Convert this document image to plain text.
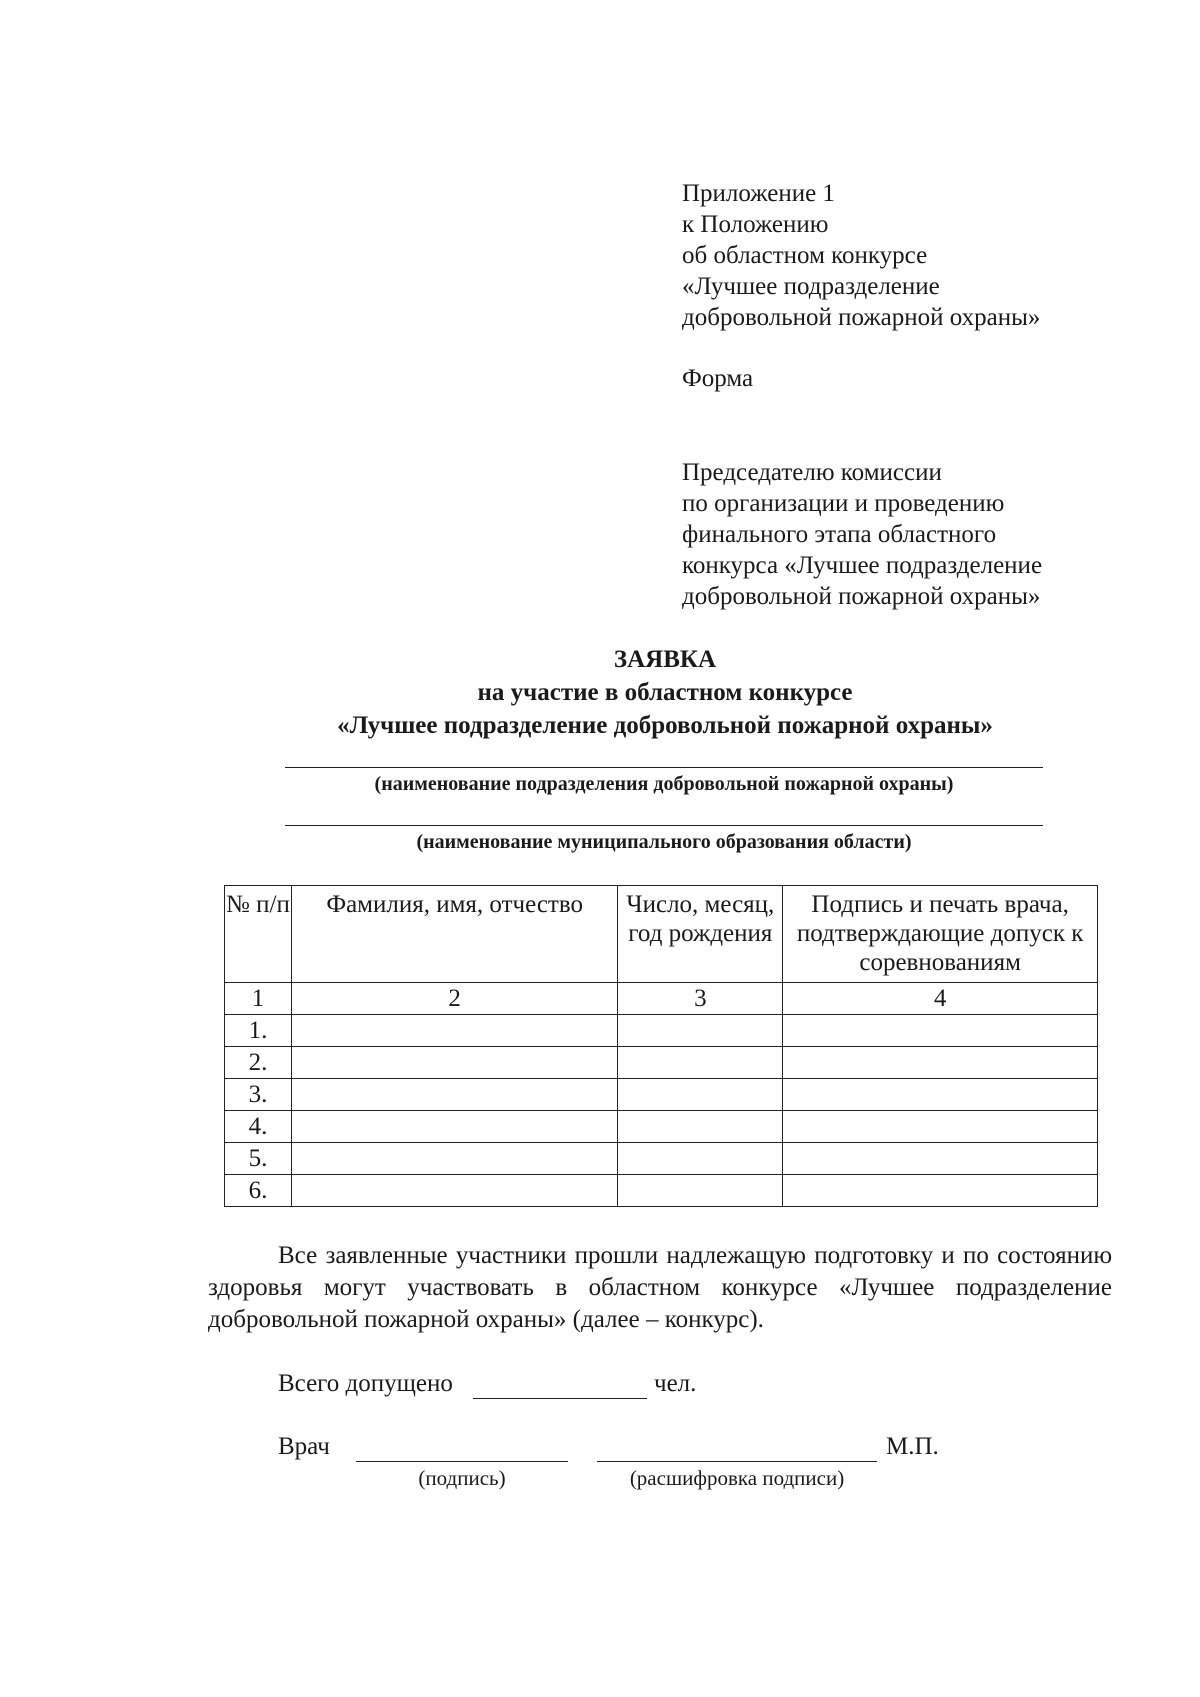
Приложение 1
к Положению
об областном конкурсе
«Лучшее подразделение
добровольной пожарной охраны»
Форма
Председателю комиссии
по организации и проведению
финального этапа областного
конкурса «Лучшее подразделение
добровольной пожарной охраны»
ЗАЯВКА
на участие в областном конкурсе
«Лучшее подразделение добровольной пожарной охраны»
(наименование подразделения добровольной пожарной охраны)
(наименование муниципального образования области)
№ п/п	Фамилия, имя, отчество	Число, месяц, год рождения	Подпись и печать врача, подтверждающие допуск к соревнованиям
1	2	3	4
1.			
2.			
3.			
4.			
5.			
6.			
Все заявленные участники прошли надлежащую подготовку и по состоянию здоровья могут участвовать в областном конкурсе «Лучшее подразделение добровольной пожарной охраны» (далее – конкурс).
Всего допущено	чел.
Врач	М.П.
(подпись)	(расшифровка подписи)
